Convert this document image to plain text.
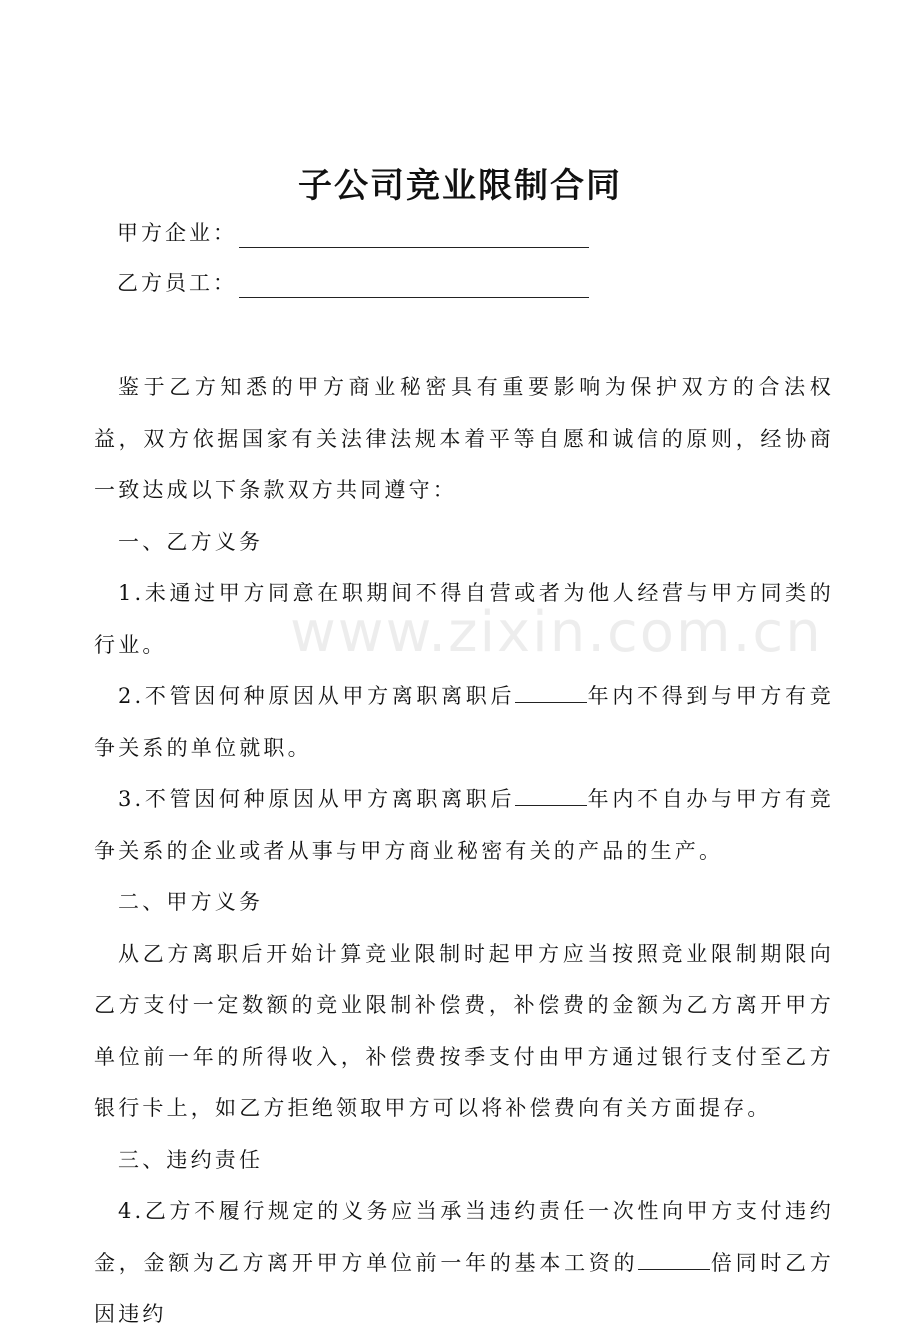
www.zixin.com.cn
子公司竞业限制合同
甲方企业：
乙方员工：

鉴于乙方知悉的甲方商业秘密具有重要影响为保护双方的合法权益，双方依据国家有关法律法规本着平等自愿和诚信的原则，经协商一致达成以下条款双方共同遵守：

一、乙方义务

1.未通过甲方同意在职期间不得自营或者为他人经营与甲方同类的行业。

2.不管因何种原因从甲方离职离职后	年内不得到与甲方有竞争关系的单位就职。

3.不管因何种原因从甲方离职离职后	年内不自办与甲方有竞争关系的企业或者从事与甲方商业秘密有关的产品的生产。

二、甲方义务

从乙方离职后开始计算竞业限制时起甲方应当按照竞业限制期限向乙方支付一定数额的竞业限制补偿费，补偿费的金额为乙方离开甲方单位前一年的所得收入，补偿费按季支付由甲方通过银行支付至乙方银行卡上，如乙方拒绝领取甲方可以将补偿费向有关方面提存。

三、违约责任

4.乙方不履行规定的义务应当承当违约责任一次性向甲方支付违约金，金额为乙方离开甲方单位前一年的基本工资的	倍同时乙方因违约
